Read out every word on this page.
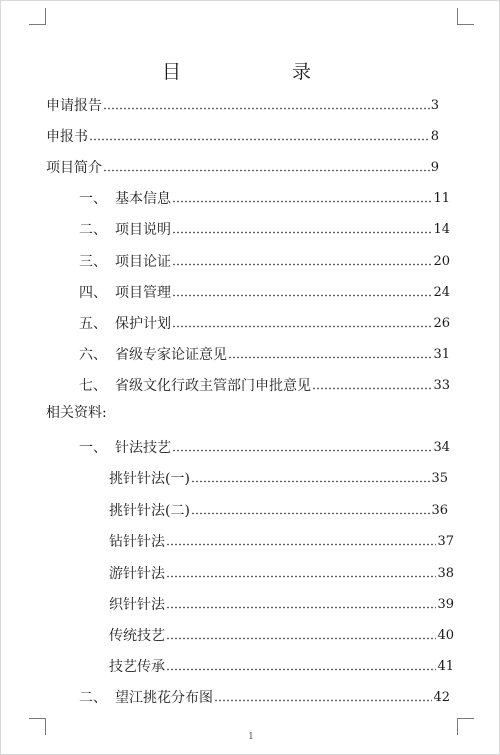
目	录
申请报告	3
申报书	8
项目简介	9
一、 基本信息	11
二、 项目说明	14
三、 项目论证	20
四、 项目管理	24
五、 保护计划	26
六、 省级专家论证意见	31
七、 省级文化行政主管部门申批意见	33
相关资料:
一、 针法技艺	34
挑针针法(一)	35
挑针针法(二)	36
钻针针法	37
游针针法	38
织针针法	39
传统技艺	40
技艺传承	41
二、 望江挑花分布图	42
1
